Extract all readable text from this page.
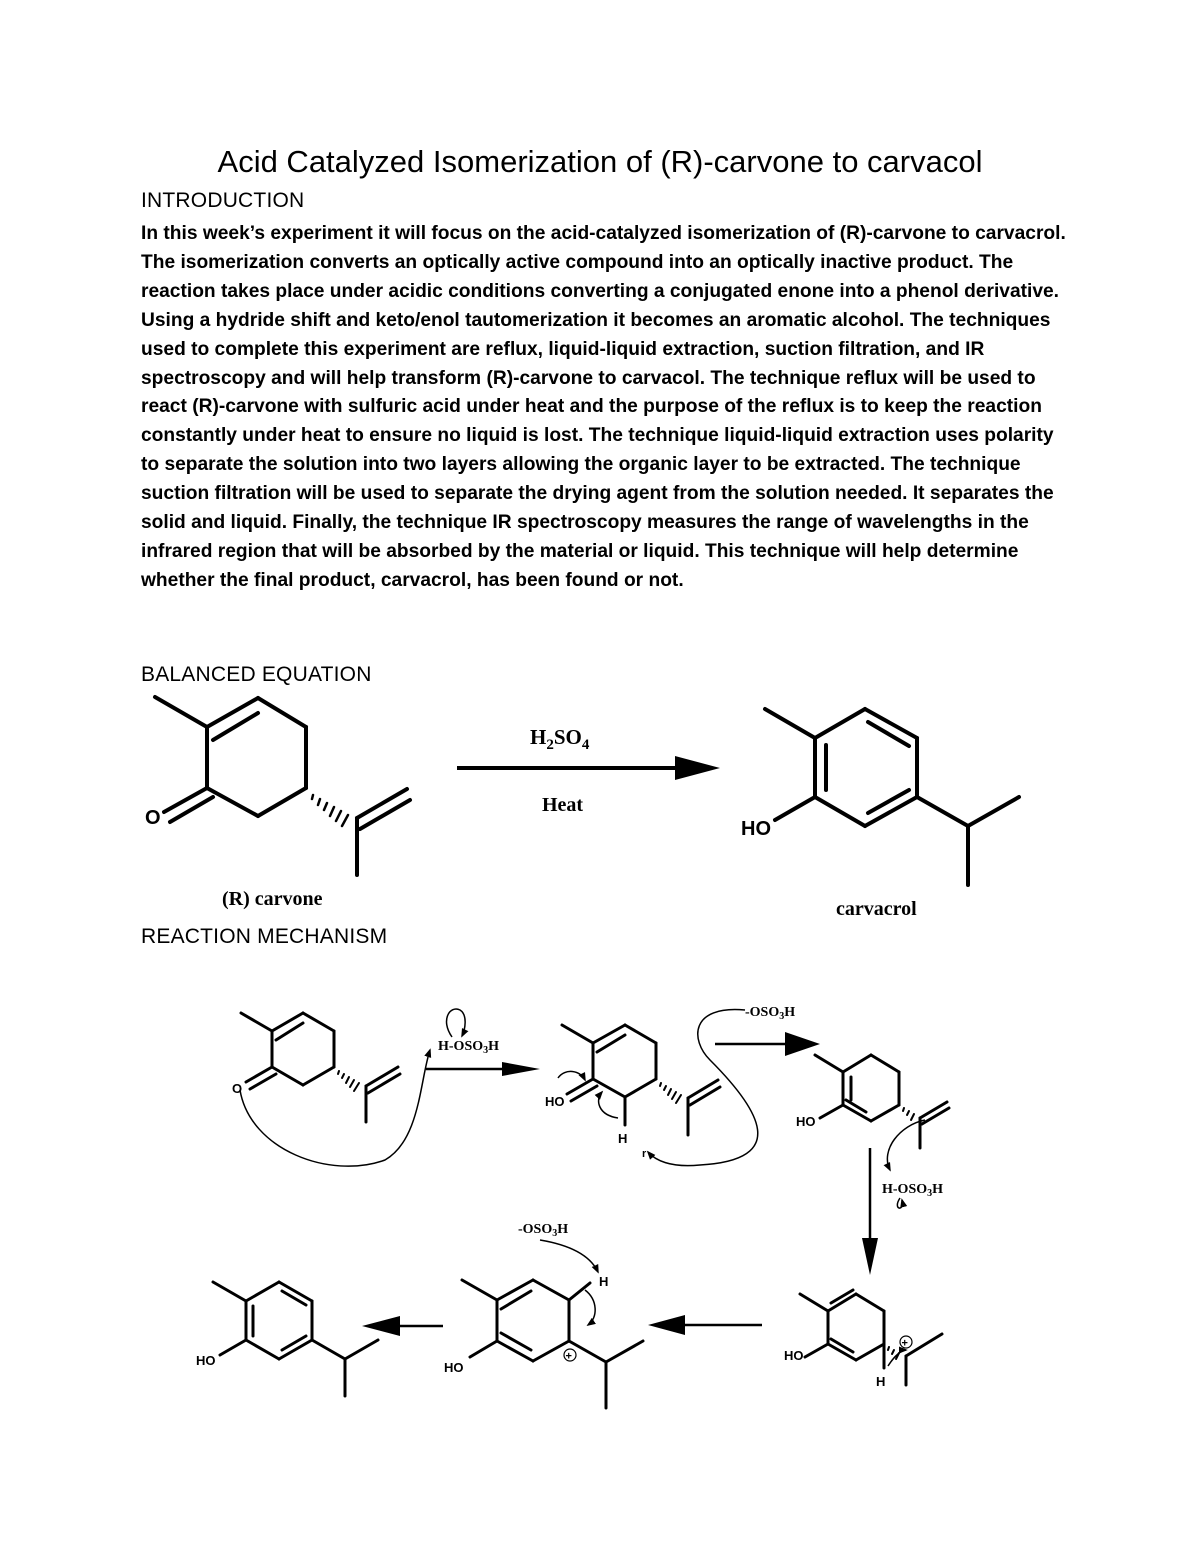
Acid Catalyzed Isomerization of (R)-carvone to carvacol
INTRODUCTION

In this week’s experiment it will focus on the acid-catalyzed isomerization of (R)-carvone to carvacrol. The isomerization converts an optically active compound into an optically inactive product. The reaction takes place under acidic conditions converting a conjugated enone into a phenol derivative. Using a hydride shift and keto/enol tautomerization it becomes an aromatic alcohol. The techniques used to complete this experiment are reflux, liquid-liquid extraction, suction filtration, and IR spectroscopy and will help transform (R)-carvone to carvacol. The technique reflux will be used to react (R)-carvone with sulfuric acid under heat and the purpose of the reflux is to keep the reaction constantly under heat to ensure no liquid is lost. The technique liquid-liquid extraction uses polarity to separate the solution into two layers allowing the organic layer to be extracted. The technique suction filtration will be used to separate the drying agent from the solution needed. It separates the solid and liquid. Finally, the technique IR spectroscopy measures the range of wavelengths in the infrared region that will be absorbed by the material or liquid. This technique will help determine whether the final product, carvacrol, has been found or not.

BALANCED EQUATION
REACTION MECHANISM
O
(R) carvone
$H_2SO_4$
Heat
HO
carvacrol
O
$H-OSO_3H$
HO
H
r
$-OSO_3H$
HO
$H-OSO_3H$
HO
H
+
HO
H
+
$-OSO_3H$
HO
